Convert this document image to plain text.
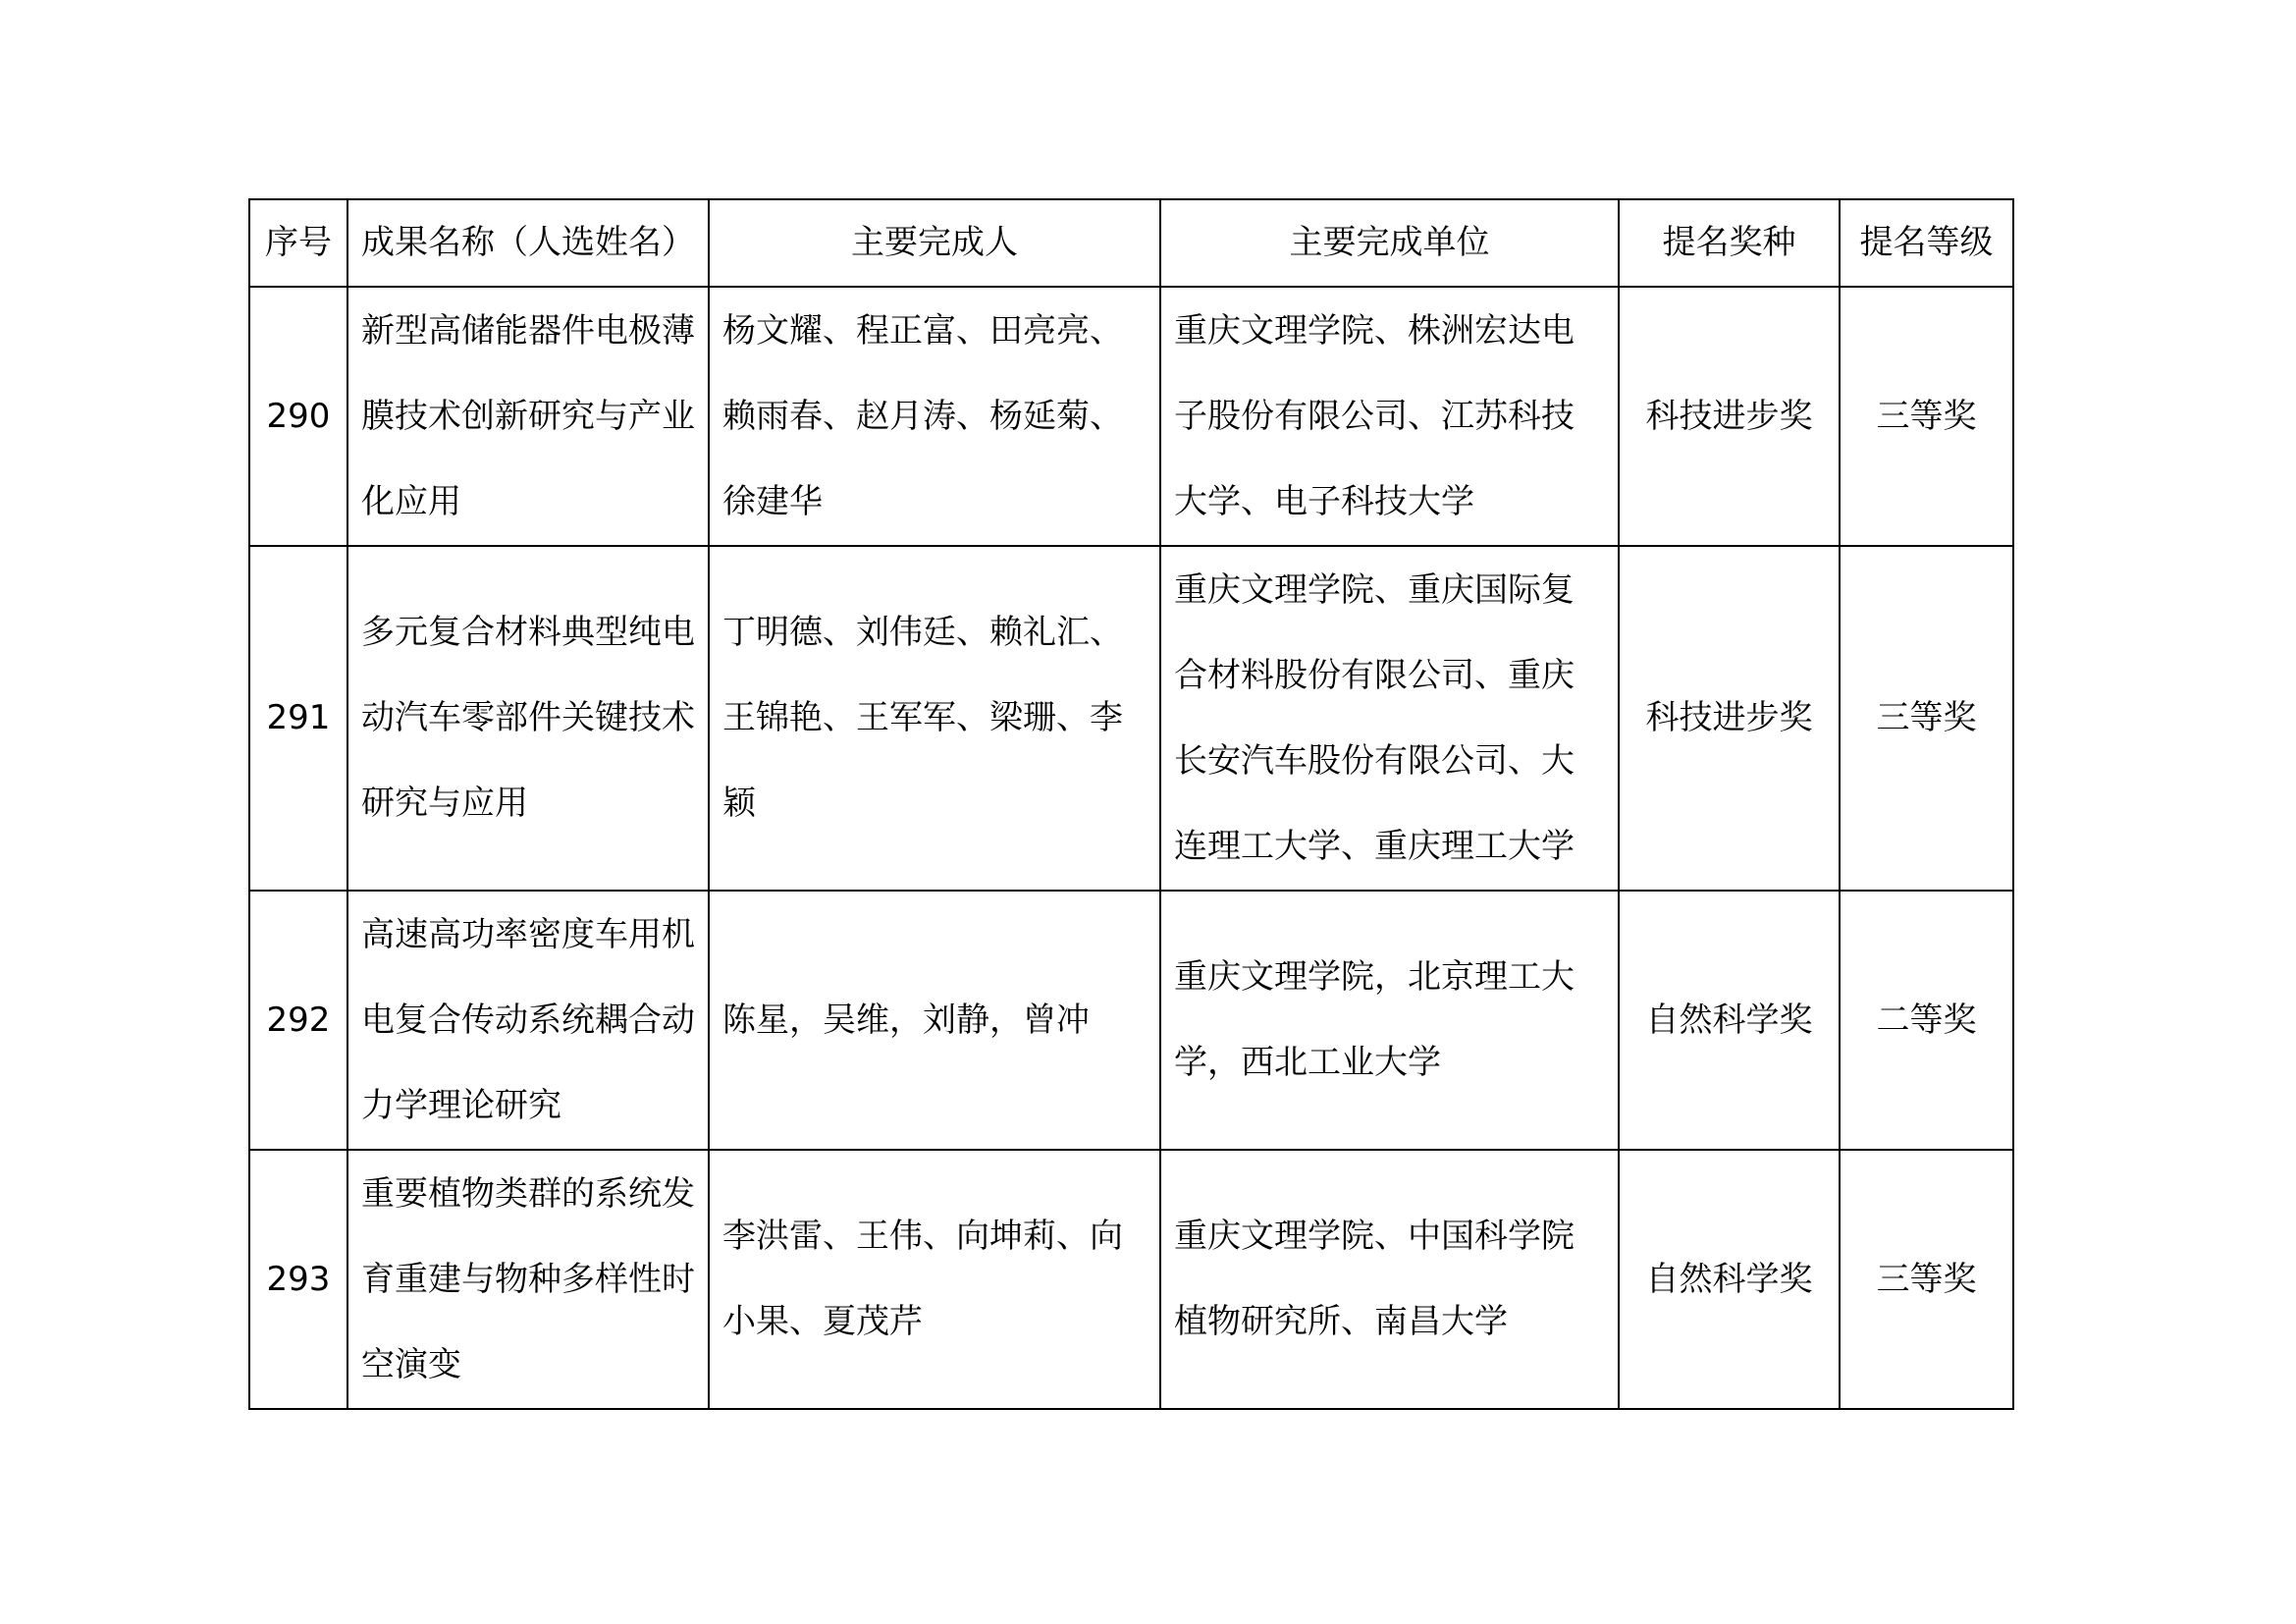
序号	成果名称（人选姓名）	主要完成人	主要完成单位	提名奖种	提名等级
290	新型高储能器件电极薄膜技术创新研究与产业化应用	杨文耀、程正富、田亮亮、赖雨春、赵月涛、杨延菊、徐建华	重庆文理学院、株洲宏达电子股份有限公司、江苏科技大学、电子科技大学	科技进步奖	三等奖
291	多元复合材料典型纯电动汽车零部件关键技术研究与应用	丁明德、刘伟廷、赖礼汇、王锦艳、王军军、梁珊、李颖	重庆文理学院、重庆国际复合材料股份有限公司、重庆长安汽车股份有限公司、大连理工大学、重庆理工大学	科技进步奖	三等奖
292	高速高功率密度车用机电复合传动系统耦合动力学理论研究	陈星，吴维，刘静，曾冲	重庆文理学院，北京理工大学，西北工业大学	自然科学奖	二等奖
293	重要植物类群的系统发育重建与物种多样性时空演变	李洪雷、王伟、向坤莉、向小果、夏茂芹	重庆文理学院、中国科学院植物研究所、南昌大学	自然科学奖	三等奖
